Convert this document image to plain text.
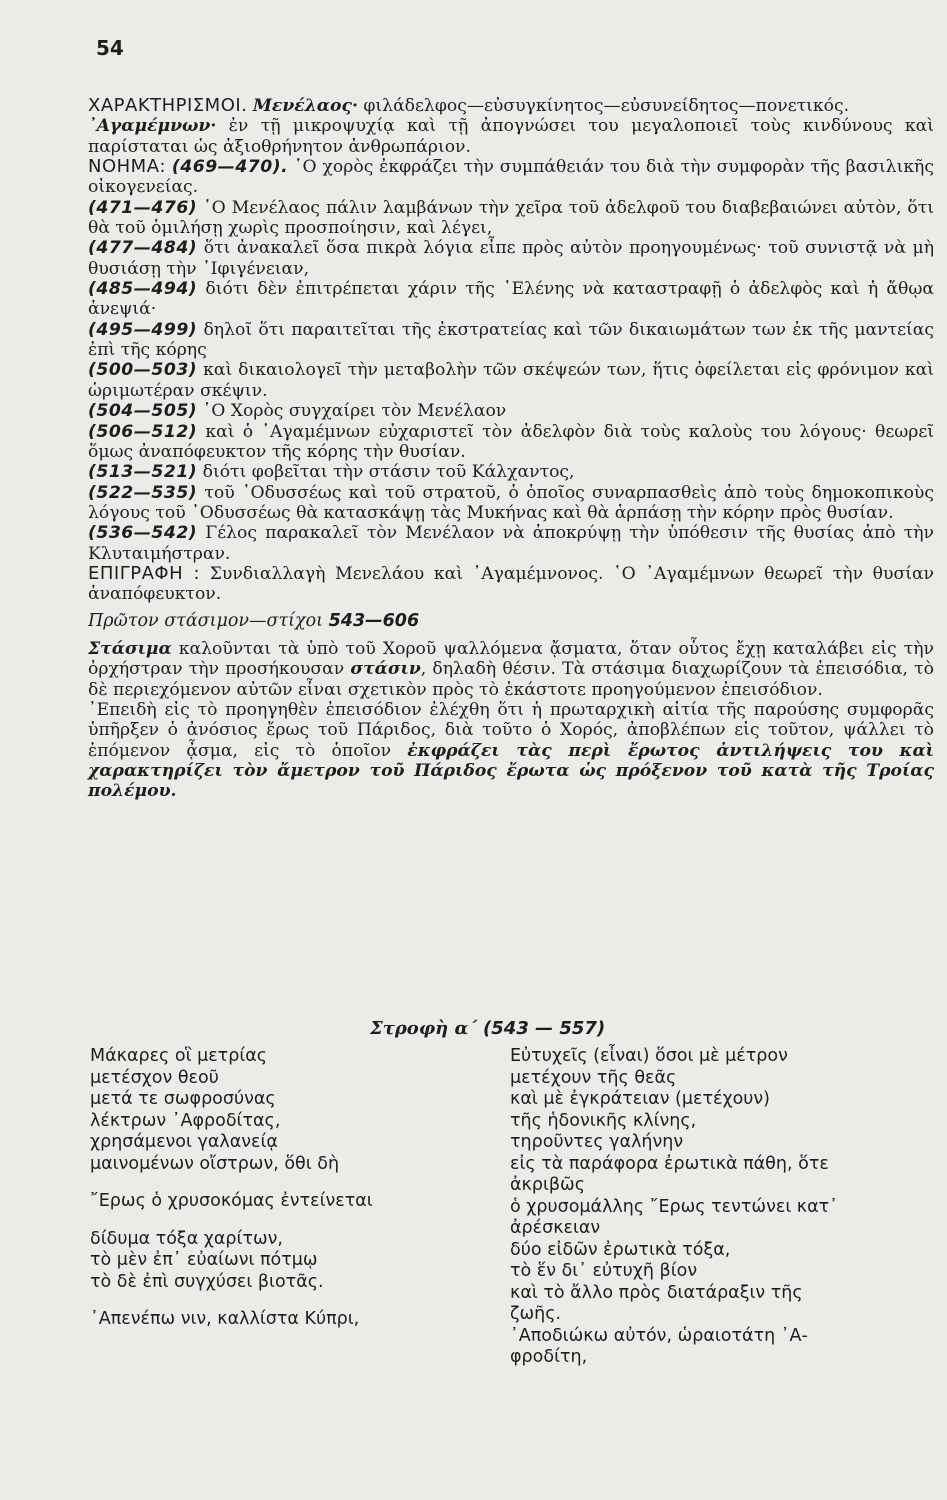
54

ΧΑΡΑΚΤΗΡΙΣΜΟΙ. Μενέλαος· φιλάδελφος—εὐσυγκίνητος—εὐσυνείδητος—πονετικός.

᾿Αγαμέμνων· ἐν τῇ μικροψυχίᾳ καὶ τῇ ἀπογνώσει του μεγαλοποιεῖ τοὺς κινδύνους καὶ παρίσταται ὡς ἀξιοθρήνητον ἀνθρωπάριον.

ΝΟΗΜΑ: (469—470). ῾Ο χορὸς ἐκφράζει τὴν συμπάθειάν του διὰ τὴν συμφορὰν τῆς βασιλικῆς οἰκογενείας.

(471—476) ῾Ο Μενέλαος πάλιν λαμβάνων τὴν χεῖρα τοῦ ἀδελφοῦ του διαβεβαιώνει αὐτὸν, ὅτι θὰ τοῦ ὁμιλήσῃ χωρὶς προσποίησιν, καὶ λέγει,

(477—484) ὅτι ἀνακαλεῖ ὅσα πικρὰ λόγια εἶπε πρὸς αὐτὸν προηγουμένως· τοῦ συνιστᾷ νὰ μὴ θυσιάσῃ τὴν ᾿Ιφιγένειαν,

(485—494) διότι δὲν ἐπιτρέπεται χάριν τῆς ῾Ελένης νὰ καταστραφῇ ὁ ἀδελφὸς καὶ ἡ ἄθῳα ἀνεψιά·

(495—499) δηλοῖ ὅτι παραιτεῖται τῆς ἐκστρατείας καὶ τῶν δικαιωμάτων των ἐκ τῆς μαντείας ἐπὶ τῆς κόρης

(500—503) καὶ δικαιολογεῖ τὴν μεταβολὴν τῶν σκέψεών των, ἥτις ὀφείλεται εἰς φρόνιμον καὶ ὡριμωτέραν σκέψιν.

(504—505) ῾Ο Χορὸς συγχαίρει τὸν Μενέλαον

(506—512) καὶ ὁ ᾿Αγαμέμνων εὐχαριστεῖ τὸν ἀδελφὸν διὰ τοὺς καλοὺς του λόγους· θεωρεῖ ὅμως ἀναπόφευκτον τῆς κόρης τὴν θυσίαν.

(513—521) διότι φοβεῖται τὴν στάσιν τοῦ Κάλχαντος,

(522—535) τοῦ ᾿Οδυσσέως καὶ τοῦ στρατοῦ, ὁ ὁποῖος συναρπασθεὶς ἀπὸ τοὺς δημοκοπικοὺς λόγους τοῦ ᾿Οδυσσέως θὰ κατασκάψῃ τὰς Μυκήνας καὶ θὰ ἁρπάσῃ τὴν κόρην πρὸς θυσίαν.

(536—542) Γέλος παρακαλεῖ τὸν Μενέλαον νὰ ἀποκρύψῃ τὴν ὑπόθεσιν τῆς θυσίας ἀπὸ τὴν Κλυταιμήστραν.

ΕΠΙΓΡΑΦΗ : Συνδιαλλαγὴ Μενελάου καὶ ᾿Αγαμέμνονος. ῾Ο ᾿Αγαμέμνων θεωρεῖ τὴν θυσίαν ἀναπόφευκτον.

Πρῶτον στάσιμον—στίχοι 543—606

Στάσιμα καλοῦνται τὰ ὑπὸ τοῦ Χοροῦ ψαλλόμενα ᾄσματα, ὅταν οὗτος ἔχῃ καταλάβει εἰς τὴν ὀρχήστραν τὴν προσήκουσαν στάσιν, δηλαδὴ θέσιν. Τὰ στάσιμα διαχωρίζουν τὰ ἐπεισόδια, τὸ δὲ περιεχόμενον αὐτῶν εἶναι σχετικὸν πρὸς τὸ ἑκάστοτε προηγούμενον ἐπεισόδιον.

᾿Επειδὴ εἰς τὸ προηγηθὲν ἐπεισόδιον ἐλέχθη ὅτι ἡ πρωταρχικὴ αἰτία τῆς παρούσης συμφορᾶς ὑπῆρξεν ὁ ἀνόσιος ἔρως τοῦ Πάριδος, διὰ τοῦτο ὁ Χορός, ἀποβλέπων εἰς τοῦτον, ψάλλει τὸ ἑπόμενον ᾆσμα, εἰς τὸ ὁποῖον ἐκφράζει τὰς περὶ ἔρωτος ἀντιλήψεις του καὶ χαρακτηρίζει τὸν ἄμετρον τοῦ Πάριδος ἔρωτα ὡς πρόξενον τοῦ κατὰ τῆς Τροίας πολέμου.

Στροφὴ α΄ (543 — 557)
Μάκαρες οἳ μετρίας
μετέσχον θεοῦ
μετά τε σωφροσύνας
λέκτρων ᾿Αφροδίτας,
χρησάμενοι γαλανείᾳ
μαινομένων οἴστρων, ὅθι δὴ
῎Ερως ὁ χρυσοκόμας ἐντείνεται
δίδυμα τόξα χαρίτων,
τὸ μὲν ἐπ᾿ εὐαίωνι πότμῳ
τὸ δὲ ἐπὶ συγχύσει βιοτᾶς.
᾿Απενέπω νιν, καλλίστα Κύπρι,
Εὐτυχεῖς (εἶναι) ὅσοι μὲ μέτρον
μετέχουν τῆς θεᾶς
καὶ μὲ ἐγκράτειαν (μετέχουν)
τῆς ἡδονικῆς κλίνης,
τηροῦντες γαλήνην
εἰς τὰ παράφορα ἐρωτικὰ πάθη, ὅτε
ἀκριβῶς
ὁ χρυσομάλλης ῎Ερως τεντώνει κατ᾿
ἀρέσκειαν
δύο εἰδῶν ἐρωτικὰ τόξα,
τὸ ἕν δι᾿ εὐτυχῆ βίον
καὶ τὸ ἄλλο πρὸς διατάραξιν τῆς
ζωῆς.
᾿Αποδιώκω αὐτόν, ὡραιοτάτη ᾿Α-
φροδίτη,
